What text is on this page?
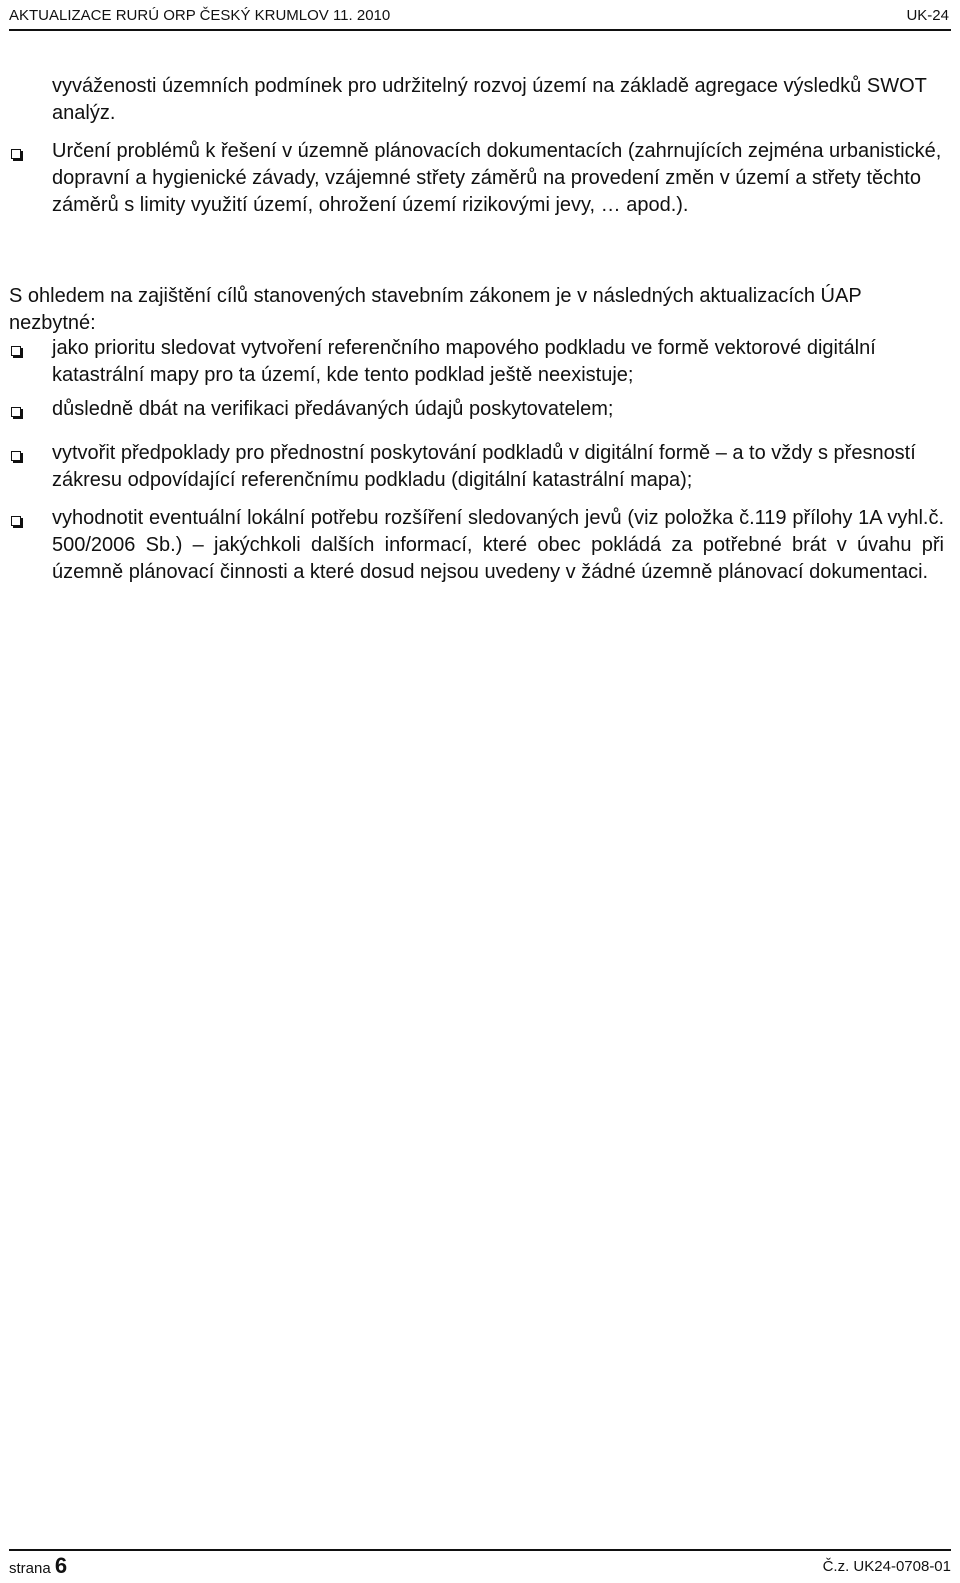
AKTUALIZACE RURÚ ORP ČESKÝ KRUMLOV 11. 2010	UK-24
vyváženosti územních podmínek pro udržitelný rozvoj území na základě agregace výsledků SWOT analýz.
Určení problémů k řešení v územně plánovacích dokumentacích (zahrnujících zejména urbanistické, dopravní a hygienické závady, vzájemné střety záměrů na provedení změn v území a střety těchto záměrů s limity využití území, ohrožení území rizikovými jevy, … apod.).
S ohledem na zajištění cílů stanovených stavebním zákonem je v následných aktualizacích ÚAP nezbytné:
jako prioritu sledovat vytvoření referenčního mapového podkladu ve formě vektorové digitální katastrální mapy pro ta území, kde tento podklad ještě neexistuje;
důsledně dbát na verifikaci předávaných údajů poskytovatelem;
vytvořit předpoklady pro přednostní poskytování podkladů v digitální formě – a to vždy s přesností zákresu odpovídající referenčnímu podkladu (digitální katastrální mapa);
vyhodnotit eventuální lokální potřebu rozšíření sledovaných jevů (viz položka č.119 přílohy 1A vyhl.č. 500/2006 Sb.) – jakýchkoli dalších informací, které obec pokládá za potřebné brát v úvahu při územně plánovací činnosti a které dosud nejsou uvedeny v žádné územně plánovací dokumentaci.
strana 6	Č.z. UK24-0708-01
